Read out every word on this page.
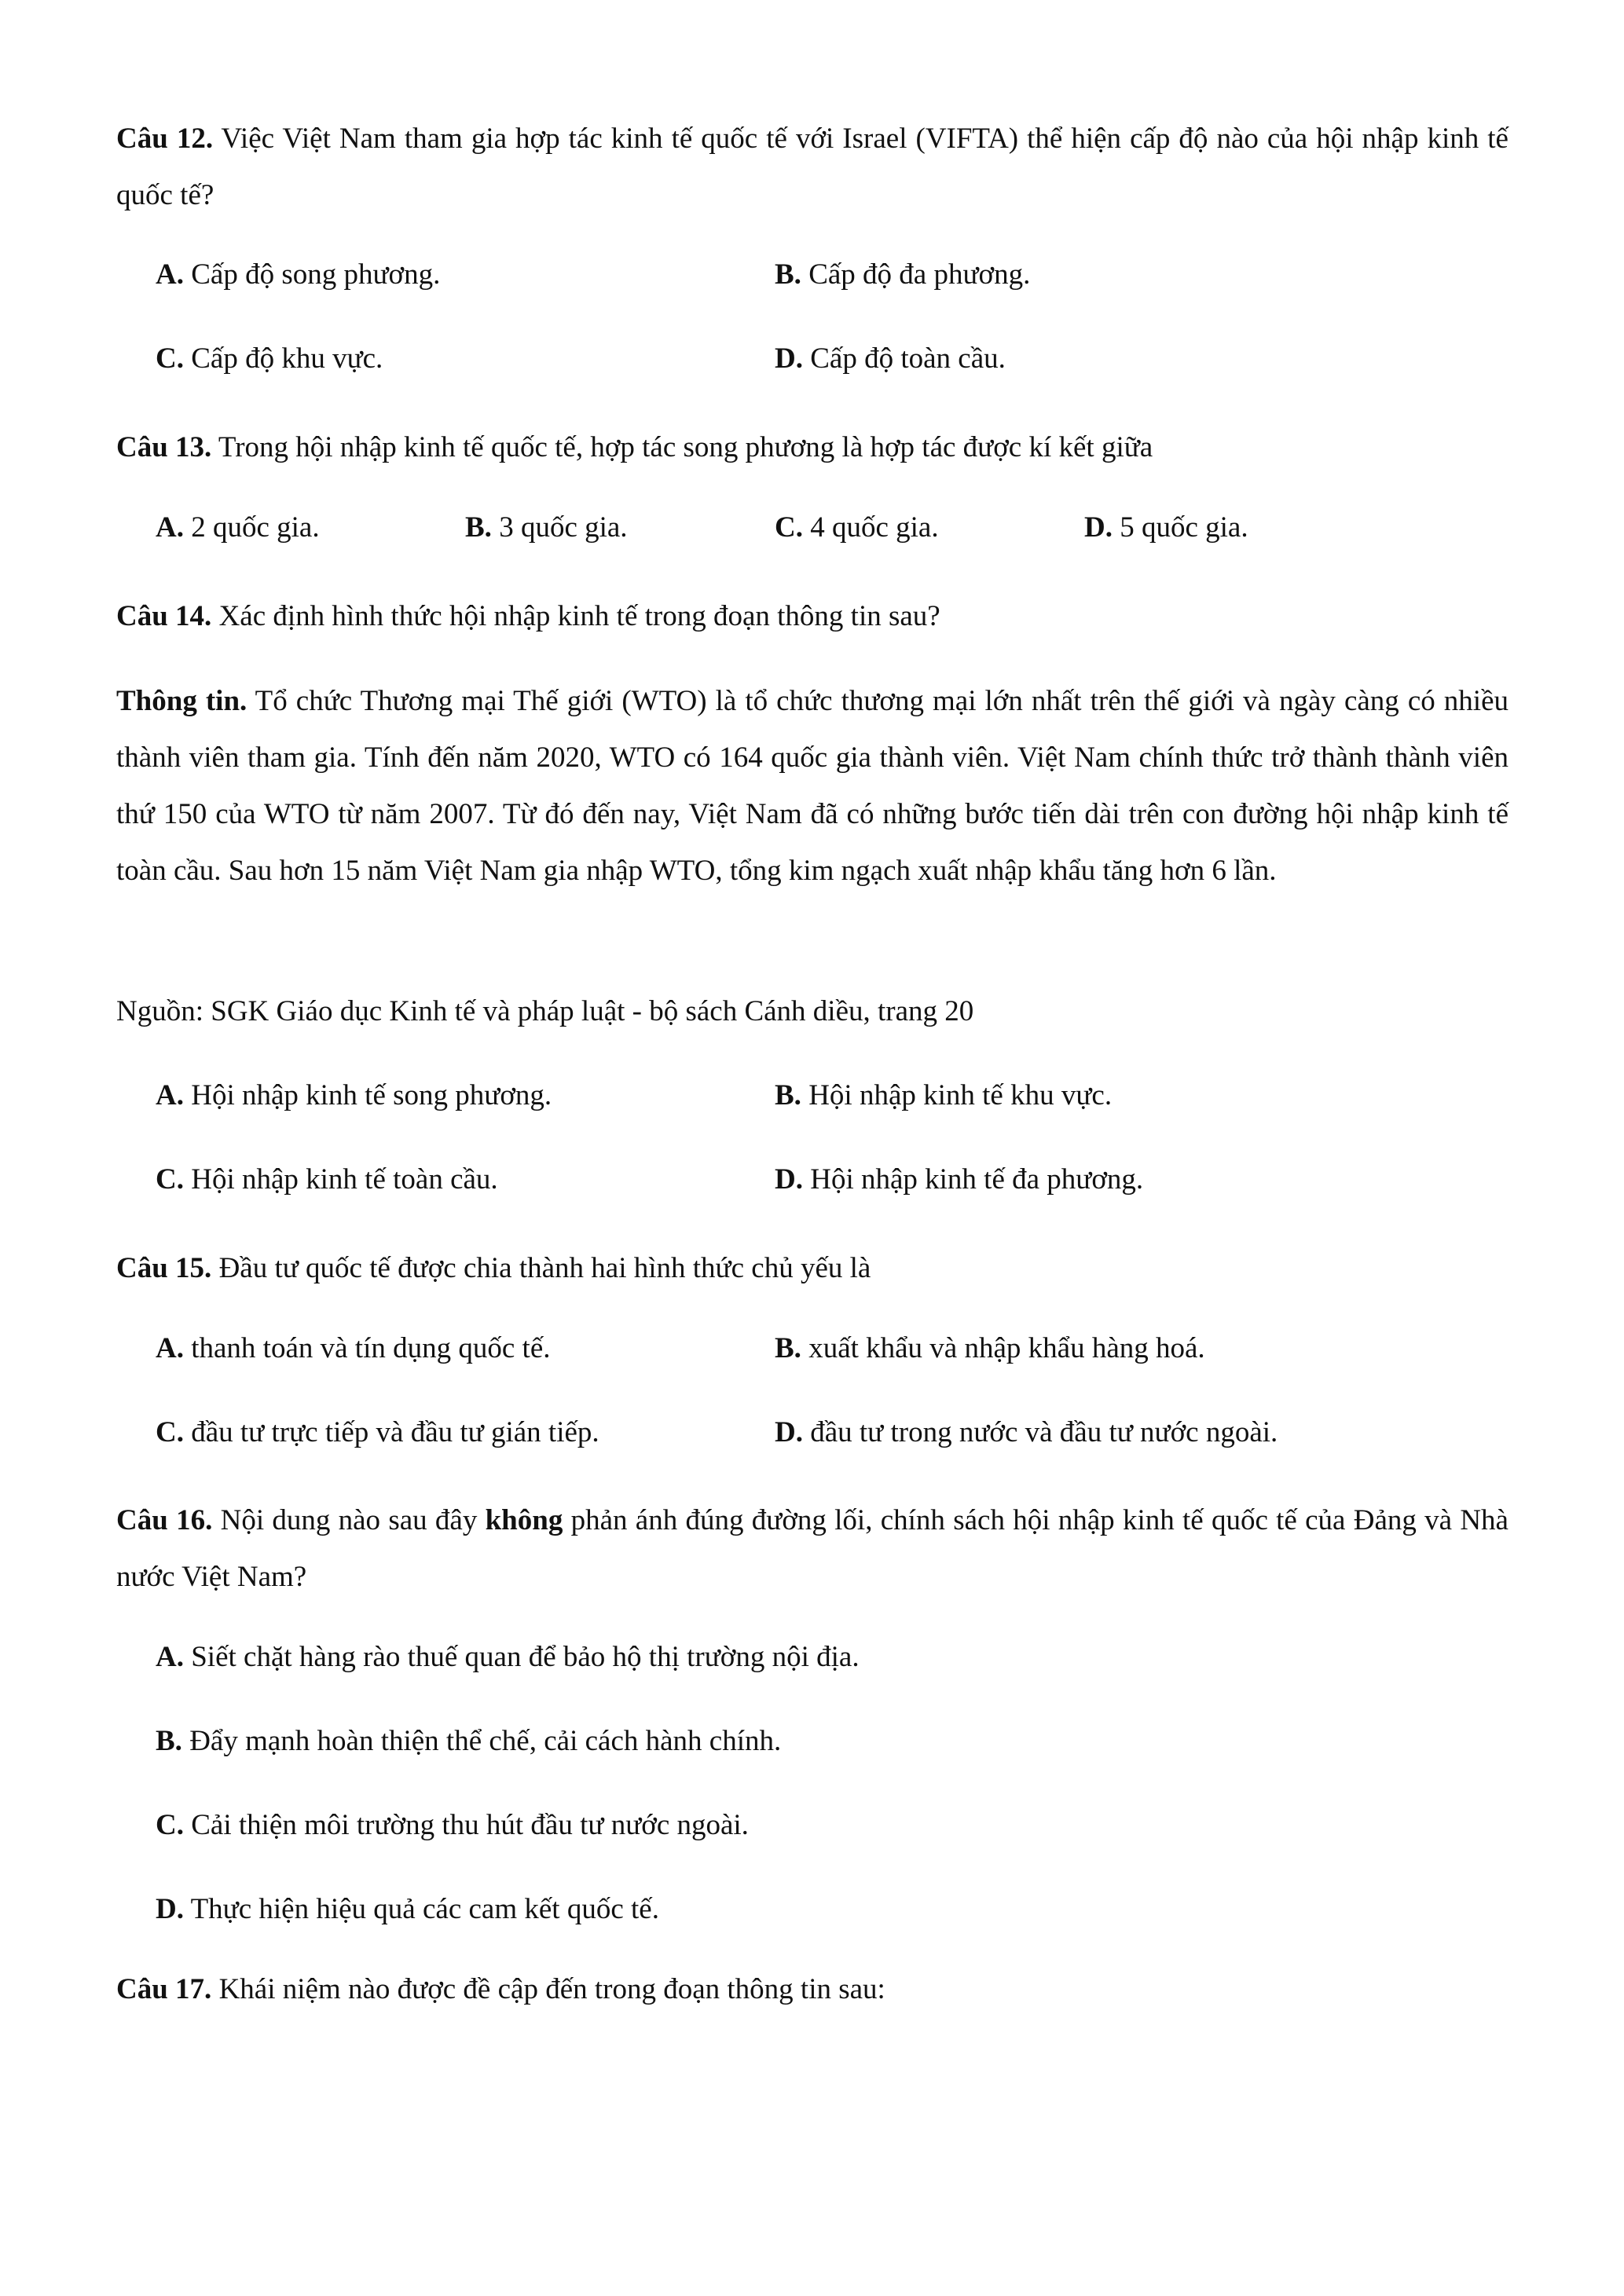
Câu 12. Việc Việt Nam tham gia hợp tác kinh tế quốc tế với Israel (VIFTA) thể hiện cấp độ nào của hội nhập kinh tế quốc tế?
A. Cấp độ song phương.	B. Cấp độ đa phương.
C. Cấp độ khu vực.	D. Cấp độ toàn cầu.
Câu 13. Trong hội nhập kinh tế quốc tế, hợp tác song phương là hợp tác được kí kết giữa
A. 2 quốc gia.	B. 3 quốc gia.	C. 4 quốc gia.	D. 5 quốc gia.
Câu 14. Xác định hình thức hội nhập kinh tế trong đoạn thông tin sau?
Thông tin. Tổ chức Thương mại Thế giới (WTO) là tổ chức thương mại lớn nhất trên thế giới và ngày càng có nhiều thành viên tham gia. Tính đến năm 2020, WTO có 164 quốc gia thành viên. Việt Nam chính thức trở thành thành viên thứ 150 của WTO từ năm 2007. Từ đó đến nay, Việt Nam đã có những bước tiến dài trên con đường hội nhập kinh tế toàn cầu. Sau hơn 15 năm Việt Nam gia nhập WTO, tổng kim ngạch xuất nhập khẩu tăng hơn 6 lần.
Nguồn: SGK Giáo dục Kinh tế và pháp luật - bộ sách Cánh diều, trang 20
A. Hội nhập kinh tế song phương.	B. Hội nhập kinh tế khu vực.
C. Hội nhập kinh tế toàn cầu.	D. Hội nhập kinh tế đa phương.
Câu 15. Đầu tư quốc tế được chia thành hai hình thức chủ yếu là
A. thanh toán và tín dụng quốc tế.	B. xuất khẩu và nhập khẩu hàng hoá.
C. đầu tư trực tiếp và đầu tư gián tiếp.	D. đầu tư trong nước và đầu tư nước ngoài.
Câu 16. Nội dung nào sau đây không phản ánh đúng đường lối, chính sách hội nhập kinh tế quốc tế của Đảng và Nhà nước Việt Nam?
A. Siết chặt hàng rào thuế quan để bảo hộ thị trường nội địa.
B. Đẩy mạnh hoàn thiện thể chế, cải cách hành chính.
C. Cải thiện môi trường thu hút đầu tư nước ngoài.
D. Thực hiện hiệu quả các cam kết quốc tế.
Câu 17. Khái niệm nào được đề cập đến trong đoạn thông tin sau:
